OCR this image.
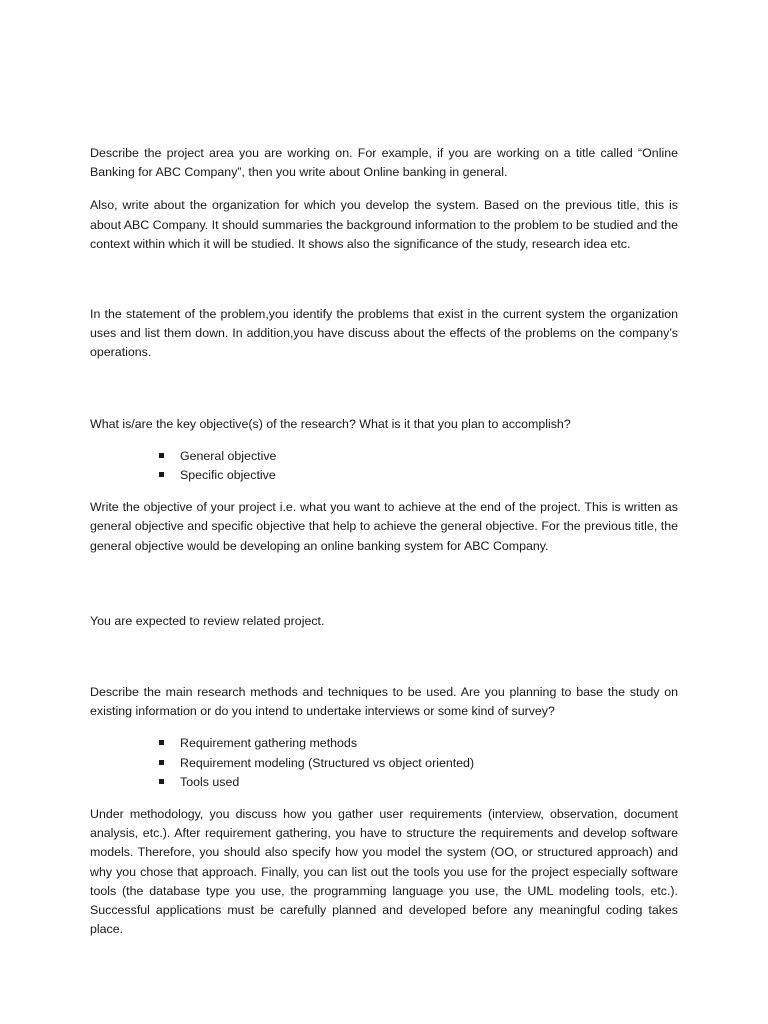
Describe the project area you are working on. For example, if you are working on a title called “Online Banking for ABC Company”, then you write about Online banking in general.

Also, write about the organization for which you develop the system. Based on the previous title, this is about ABC Company. It should summaries the background information to the problem to be studied and the context within which it will be studied. It shows also the significance of the study, research idea etc.

In the statement of the problem,you identify the problems that exist in the current system the organization uses and list them down. In addition,you have discuss about the effects of the problems on the company’s operations.

What is/are the key objective(s) of the research? What is it that you plan to accomplish?

General objective
Specific objective

Write the objective of your project i.e. what you want to achieve at the end of the project. This is written as general objective and specific objective that help to achieve the general objective. For the previous title, the general objective would be developing an online banking system for ABC Company.

You are expected to review related project.

Describe the main research methods and techniques to be used. Are you planning to base the study on existing information or do you intend to undertake interviews or some kind of survey?

Requirement gathering methods
Requirement modeling (Structured vs object oriented)
Tools used

Under methodology, you discuss how you gather user requirements (interview, observation, document analysis, etc.). After requirement gathering, you have to structure the requirements and develop software models. Therefore, you should also specify how you model the system (OO, or structured approach) and why you chose that approach. Finally, you can list out the tools you use for the project especially software tools (the database type you use, the programming language you use, the UML modeling tools, etc.). Successful applications must be carefully planned and developed before any meaningful coding takes place.
